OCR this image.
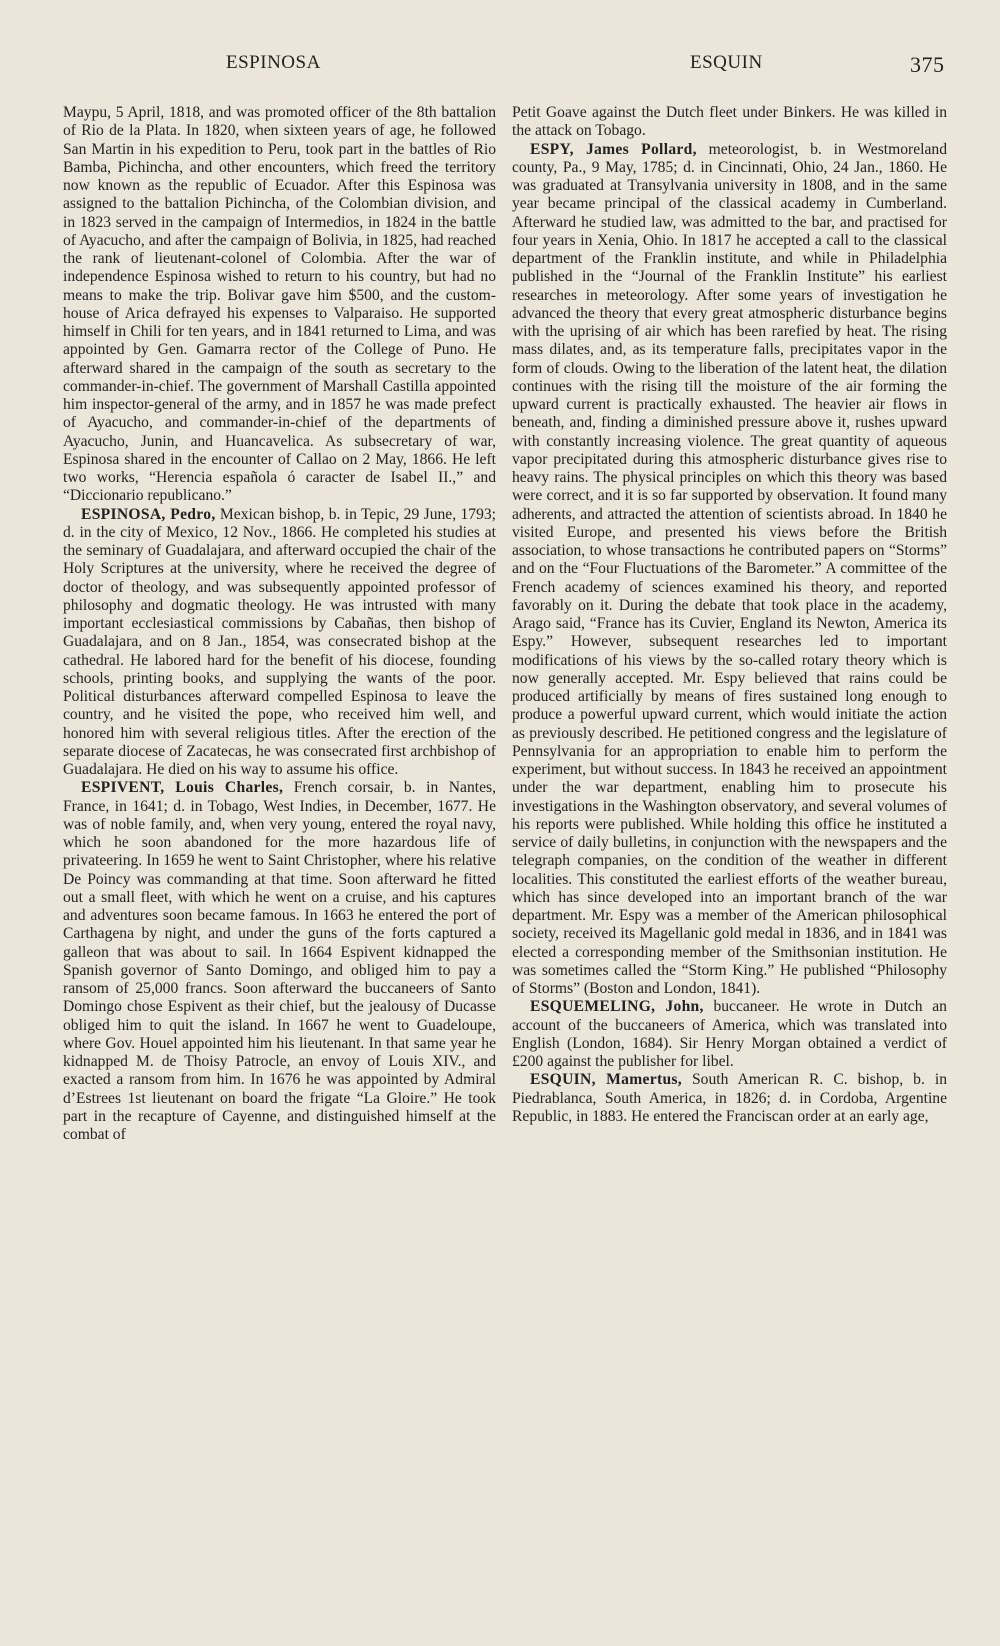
ESPINOSA	ESQUIN	375

Maypu, 5 April, 1818, and was promoted officer of the 8th battalion of Rio de la Plata. In 1820, when sixteen years of age, he followed San Martin in his expedition to Peru, took part in the battles of Rio Bamba, Pichincha, and other encounters, which freed the territory now known as the republic of Ecuador. After this Espinosa was assigned to the battalion Pichincha, of the Colombian division, and in 1823 served in the campaign of Intermedios, in 1824 in the battle of Ayacucho, and after the campaign of Bolivia, in 1825, had reached the rank of lieutenant-colonel of Colombia. After the war of independence Espinosa wished to return to his country, but had no means to make the trip. Bolivar gave him $500, and the custom-house of Arica defrayed his expenses to Valparaiso. He supported himself in Chili for ten years, and in 1841 returned to Lima, and was appointed by Gen. Gamarra rector of the College of Puno. He afterward shared in the campaign of the south as secretary to the commander-in-chief. The government of Marshall Castilla appointed him inspector-general of the army, and in 1857 he was made prefect of Ayacucho, and commander-in-chief of the departments of Ayacucho, Junin, and Huancavelica. As subsecretary of war, Espinosa shared in the encounter of Callao on 2 May, 1866. He left two works, “Herencia española ó caracter de Isabel II.,” and “Diccionario republicano.”

ESPINOSA, Pedro, Mexican bishop, b. in Tepic, 29 June, 1793; d. in the city of Mexico, 12 Nov., 1866. He completed his studies at the seminary of Guadalajara, and afterward occupied the chair of the Holy Scriptures at the university, where he received the degree of doctor of theology, and was subsequently appointed professor of philosophy and dogmatic theology. He was intrusted with many important ecclesiastical commissions by Cabañas, then bishop of Guadalajara, and on 8 Jan., 1854, was consecrated bishop at the cathedral. He labored hard for the benefit of his diocese, founding schools, printing books, and supplying the wants of the poor. Political disturbances afterward compelled Espinosa to leave the country, and he visited the pope, who received him well, and honored him with several religious titles. After the erection of the separate diocese of Zacatecas, he was consecrated first archbishop of Guadalajara. He died on his way to assume his office.

ESPIVENT, Louis Charles, French corsair, b. in Nantes, France, in 1641; d. in Tobago, West Indies, in December, 1677. He was of noble family, and, when very young, entered the royal navy, which he soon abandoned for the more hazardous life of privateering. In 1659 he went to Saint Christopher, where his relative De Poincy was commanding at that time. Soon afterward he fitted out a small fleet, with which he went on a cruise, and his captures and adventures soon became famous. In 1663 he entered the port of Carthagena by night, and under the guns of the forts captured a galleon that was about to sail. In 1664 Espivent kidnapped the Spanish governor of Santo Domingo, and obliged him to pay a ransom of 25,000 francs. Soon afterward the buccaneers of Santo Domingo chose Espivent as their chief, but the jealousy of Ducasse obliged him to quit the island. In 1667 he went to Guadeloupe, where Gov. Houel appointed him his lieutenant. In that same year he kidnapped M. de Thoisy Patrocle, an envoy of Louis XIV., and exacted a ransom from him. In 1676 he was appointed by Admiral d’Estrees 1st lieutenant on board the frigate “La Gloire.” He took part in the recapture of Cayenne, and distinguished himself at the combat of

Petit Goave against the Dutch fleet under Binkers. He was killed in the attack on Tobago.

ESPY, James Pollard, meteorologist, b. in Westmoreland county, Pa., 9 May, 1785; d. in Cincinnati, Ohio, 24 Jan., 1860. He was graduated at Transylvania university in 1808, and in the same year became principal of the classical academy in Cumberland. Afterward he studied law, was admitted to the bar, and practised for four years in Xenia, Ohio. In 1817 he accepted a call to the classical department of the Franklin institute, and while in Philadelphia published in the “Journal of the Franklin Institute” his earliest researches in meteorology. After some years of investigation he advanced the theory that every great atmospheric disturbance begins with the uprising of air which has been rarefied by heat. The rising mass dilates, and, as its temperature falls, precipitates vapor in the form of clouds. Owing to the liberation of the latent heat, the dilation continues with the rising till the moisture of the air forming the upward current is practically exhausted. The heavier air flows in beneath, and, finding a diminished pressure above it, rushes upward with constantly increasing violence. The great quantity of aqueous vapor precipitated during this atmospheric disturbance gives rise to heavy rains. The physical principles on which this theory was based were correct, and it is so far supported by observation. It found many adherents, and attracted the attention of scientists abroad. In 1840 he visited Europe, and presented his views before the British association, to whose transactions he contributed papers on “Storms” and on the “Four Fluctuations of the Barometer.” A committee of the French academy of sciences examined his theory, and reported favorably on it. During the debate that took place in the academy, Arago said, “France has its Cuvier, England its Newton, America its Espy.” However, subsequent researches led to important modifications of his views by the so-called rotary theory which is now generally accepted. Mr. Espy believed that rains could be produced artificially by means of fires sustained long enough to produce a powerful upward current, which would initiate the action as previously described. He petitioned congress and the legislature of Pennsylvania for an appropriation to enable him to perform the experiment, but without success. In 1843 he received an appointment under the war department, enabling him to prosecute his investigations in the Washington observatory, and several volumes of his reports were published. While holding this office he instituted a service of daily bulletins, in conjunction with the newspapers and the telegraph companies, on the condition of the weather in different localities. This constituted the earliest efforts of the weather bureau, which has since developed into an important branch of the war department. Mr. Espy was a member of the American philosophical society, received its Magellanic gold medal in 1836, and in 1841 was elected a corresponding member of the Smithsonian institution. He was sometimes called the “Storm King.” He published “Philosophy of Storms” (Boston and London, 1841).

ESQUEMELING, John, buccaneer. He wrote in Dutch an account of the buccaneers of America, which was translated into English (London, 1684). Sir Henry Morgan obtained a verdict of £200 against the publisher for libel.

ESQUIN, Mamertus, South American R. C. bishop, b. in Piedrablanca, South America, in 1826; d. in Cordoba, Argentine Republic, in 1883. He entered the Franciscan order at an early age,
